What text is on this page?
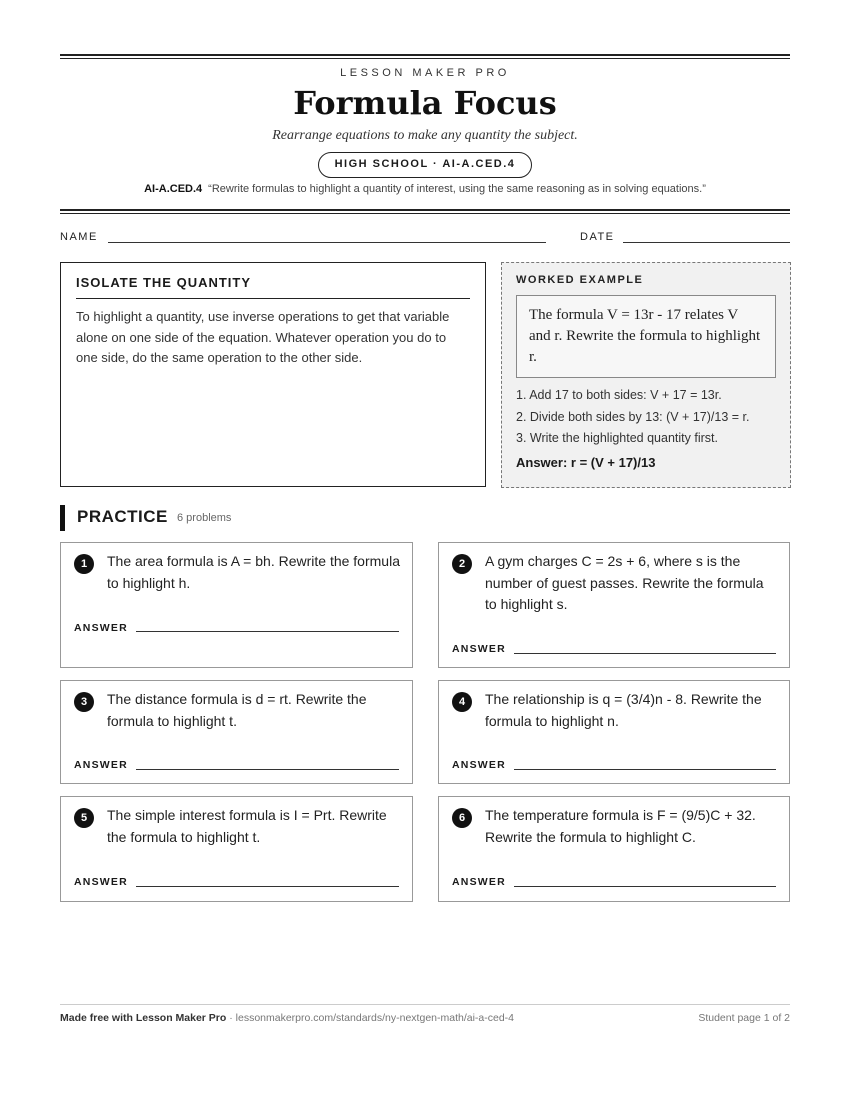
LESSON MAKER PRO
Formula Focus
Rearrange equations to make any quantity the subject.
HIGH SCHOOL · AI-A.CED.4
AI-A.CED.4 “Rewrite formulas to highlight a quantity of interest, using the same reasoning as in solving equations.”
NAME	DATE
ISOLATE THE QUANTITY
To highlight a quantity, use inverse operations to get that variable alone on one side of the equation. Whatever operation you do to one side, do the same operation to the other side.
WORKED EXAMPLE
The formula V = 13r - 17 relates V and r. Rewrite the formula to highlight r.
1. Add 17 to both sides: V + 17 = 13r.
2. Divide both sides by 13: (V + 17)/13 = r.
3. Write the highlighted quantity first.
Answer: r = (V + 17)/13
PRACTICE 6 problems
1	The area formula is A = bh. Rewrite the formula to highlight h.
ANSWER
2	A gym charges C = 2s + 6, where s is the number of guest passes. Rewrite the formula to highlight s.
ANSWER
3	The distance formula is d = rt. Rewrite the formula to highlight t.
ANSWER
4	The relationship is q = (3/4)n - 8. Rewrite the formula to highlight n.
ANSWER
5	The simple interest formula is I = Prt. Rewrite the formula to highlight t.
ANSWER
6	The temperature formula is F = (9/5)C + 32. Rewrite the formula to highlight C.
ANSWER
Made free with Lesson Maker Pro · lessonmakerpro.com/standards/ny-nextgen-math/ai-a-ced-4	Student page 1 of 2
